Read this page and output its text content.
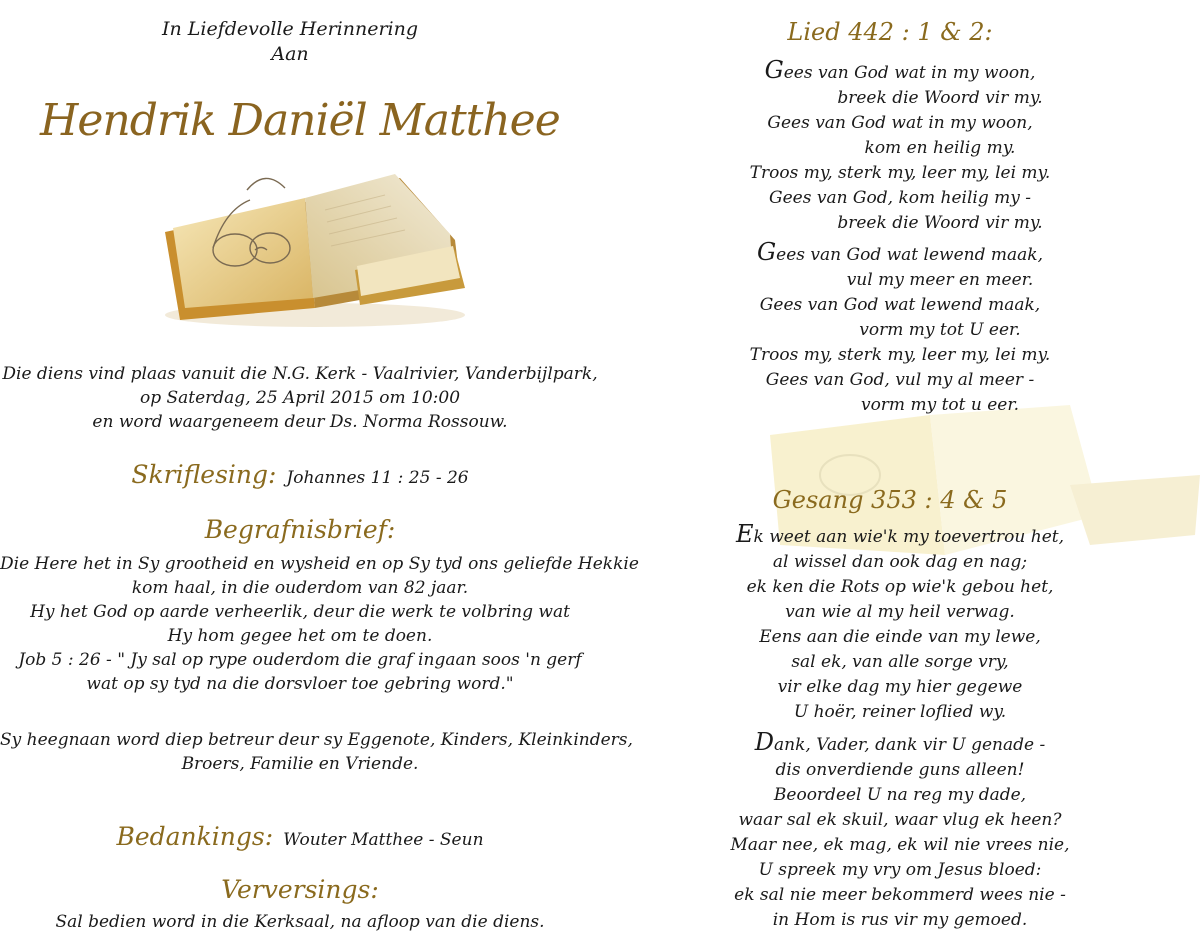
In Liefdevolle Herinnering
Aan
Hendrik Daniël Matthee
Die diens vind plaas vanuit die N.G. Kerk - Vaalrivier, Vanderbijlpark,
op Saterdag, 25 April 2015 om 10:00
en word waargeneem deur Ds. Norma Rossouw.
Skriflesing: Johannes 11 : 25 - 26
Begrafnisbrief:
Die Here het in Sy grootheid en wysheid en op Sy tyd ons geliefde Hekkie
kom haal, in die ouderdom van 82 jaar.
Hy het God op aarde verheerlik, deur die werk te volbring wat
Hy hom gegee het om te doen.
Job 5 : 26 - " Jy sal op rype ouderdom die graf ingaan soos 'n gerf
wat op sy tyd na die dorsvloer toe gebring word."
Sy heegnaan word diep betreur deur sy Eggenote, Kinders, Kleinkinders,
Broers, Familie en Vriende.
Bedankings: Wouter Matthee - Seun
Verversings:
Sal bedien word in die Kerksaal, na afloop van die diens.
Lied 442 : 1 & 2:
Gees van God wat in my woon,
breek die Woord vir my.
Gees van God wat in my woon,
kom en heilig my.
Troos my, sterk my, leer my, lei my.
Gees van God, kom heilig my -
breek die Woord vir my.
Gees van God wat lewend maak,
vul my meer en meer.
Gees van God wat lewend maak,
vorm my tot U eer.
Troos my, sterk my, leer my, lei my.
Gees van God, vul my al meer -
vorm my tot u eer.
Gesang 353 : 4 & 5
Ek weet aan wie'k my toevertrou het,
al wissel dan ook dag en nag;
ek ken die Rots op wie'k gebou het,
van wie al my heil verwag.
Eens aan die einde van my lewe,
sal ek, van alle sorge vry,
vir elke dag my hier gegewe
U hoër, reiner loflied wy.
Dank, Vader, dank vir U genade -
dis onverdiende guns alleen!
Beoordeel U na reg my dade,
waar sal ek skuil, waar vlug ek heen?
Maar nee, ek mag, ek wil nie vrees nie,
U spreek my vry om Jesus bloed:
ek sal nie meer bekommerd wees nie -
in Hom is rus vir my gemoed.
